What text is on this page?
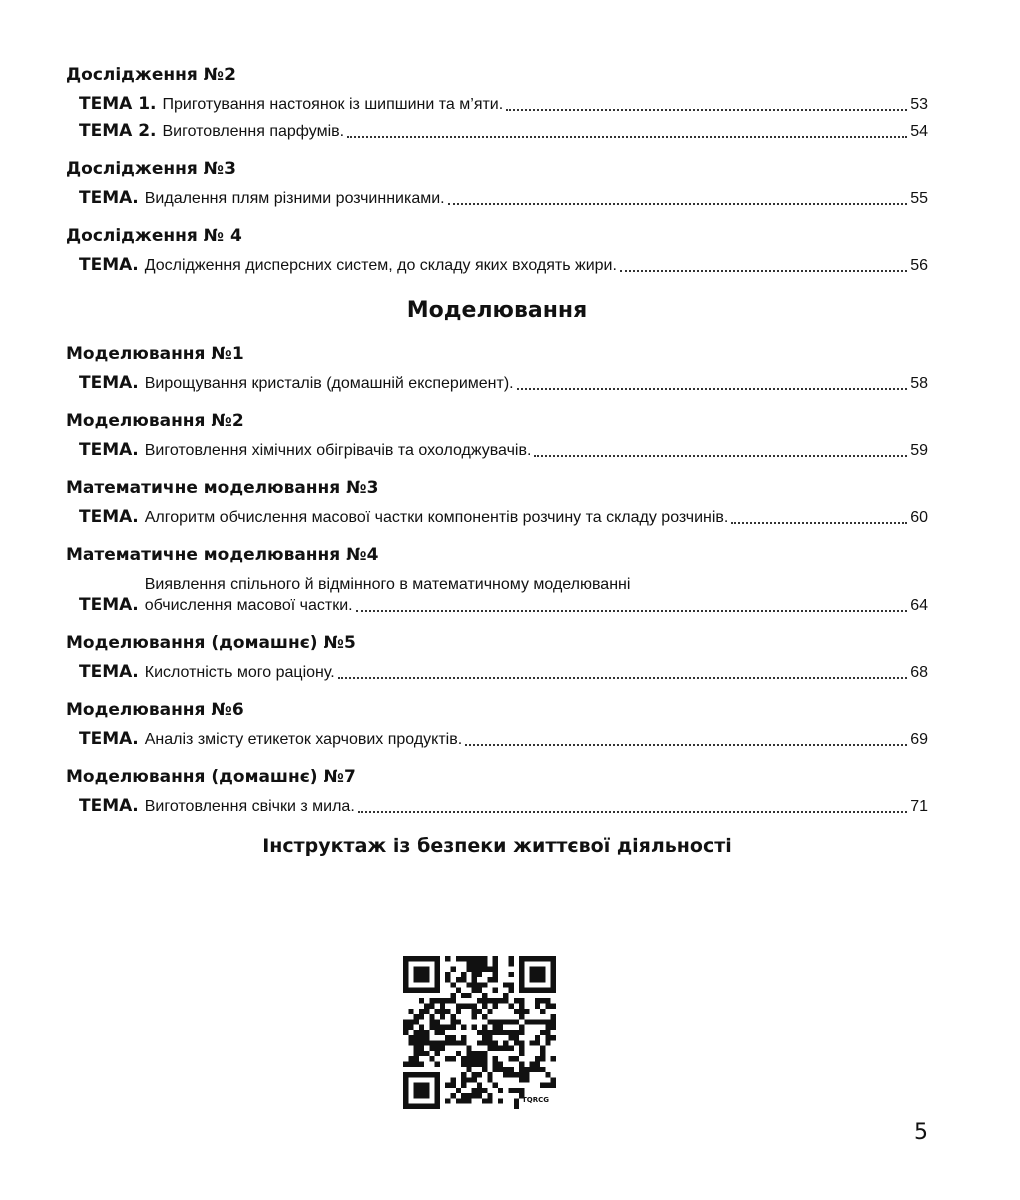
Дослідження №2
ТЕМА 1. Приготування настоянок із шипшини та м’яти.	53
ТЕМА 2. Виготовлення парфумів.	54
Дослідження №3
ТЕМА. Видалення плям різними розчинниками.	55
Дослідження № 4
ТЕМА. Дослідження дисперсних систем, до складу яких входять жири.	56
Моделювання
Моделювання №1
ТЕМА. Вирощування кристалів (домашній експеримент).	58
Моделювання №2
ТЕМА. Виготовлення хімічних обігрівачів та охолоджувачів.	59
Математичне моделювання №3
ТЕМА. Алгоритм обчислення масової частки компонентів розчину та складу розчинів.	60
Математичне моделювання №4
ТЕМА.
Виявлення спільного й відмінного в математичному моделюванні
обчислення масової частки.	64
Моделювання (домашнє) №5
ТЕМА. Кислотність мого раціону.	68
Моделювання №6
ТЕМА. Аналіз змісту етикеток харчових продуктів.	69
Моделювання (домашнє) №7
ТЕМА. Виготовлення свічки з мила.	71
Інструктаж із безпеки життєвої діяльності
TQRCG
5
